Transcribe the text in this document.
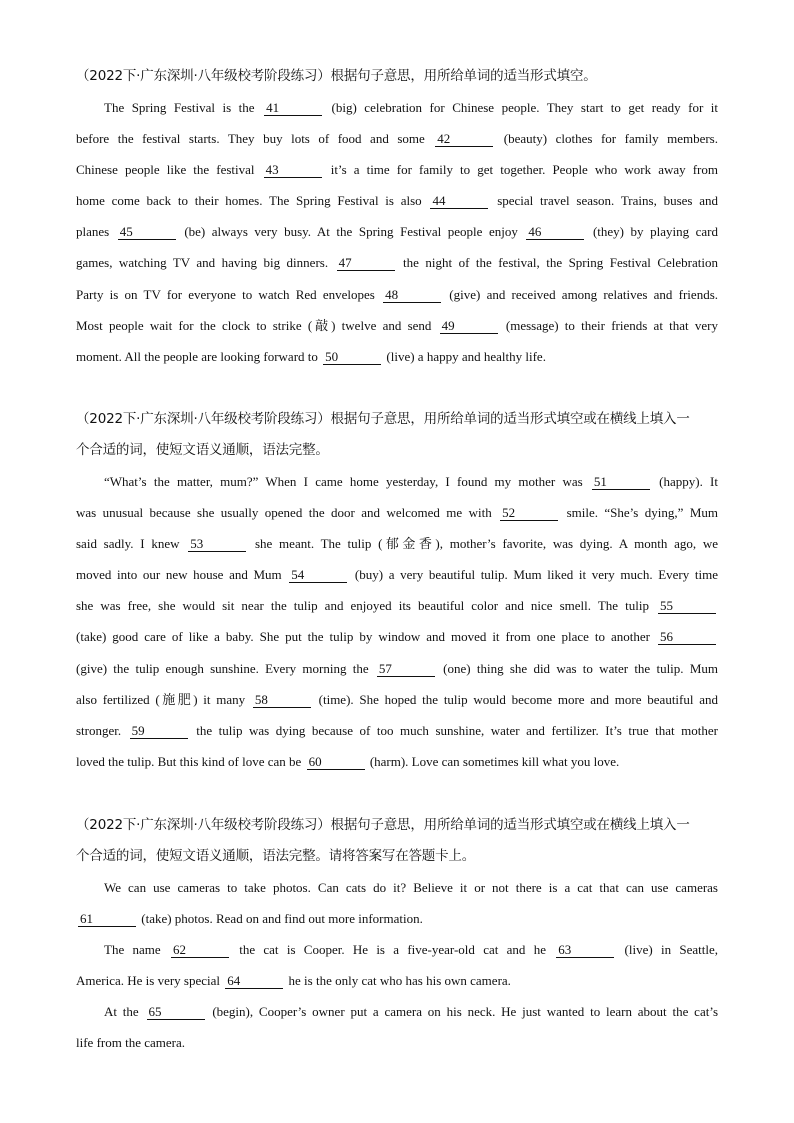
（2022下·广东深圳·八年级校考阶段练习）根据句子意思，用所给单词的适当形式填空。
The Spring Festival is the 41	(big) celebration for Chinese people. They start to get ready for it
before the festival starts. They buy lots of food and some 42	(beauty) clothes for family members.
Chinese people like the festival 43	it’s a time for family to get together. People who work away from
home come back to their homes. The Spring Festival is also 44	special travel season. Trains, buses and
planes 45	(be) always very busy. At the Spring Festival people enjoy 46	(they) by playing card
games, watching TV and having big dinners. 47	the night of the festival, the Spring Festival Celebration
Party is on TV for everyone to watch Red envelopes 48	(give) and received among relatives and friends.
Most people wait for the clock to strike (敲) twelve and send 49	(message) to their friends at that very
moment. All the people are looking forward to 50	(live) a happy and healthy life.
（2022下·广东深圳·八年级校考阶段练习）根据句子意思，用所给单词的适当形式填空或在横线上填入一
个合适的词，使短文语义通顺，语法完整。
“What’s the matter, mum?” When I came home yesterday, I found my mother was 51	(happy). It
was unusual because she usually opened the door and welcomed me with 52	smile. “She’s dying,” Mum
said sadly. I knew 53	she meant. The tulip (郁金香), mother’s favorite, was dying. A month ago, we
moved into our new house and Mum 54	(buy) a very beautiful tulip. Mum liked it very much. Every time
she was free, she would sit near the tulip and enjoyed its beautiful color and nice smell. The tulip 55
(take) good care of like a baby. She put the tulip by window and moved it from one place to another 56
(give) the tulip enough sunshine. Every morning the 57	(one) thing she did was to water the tulip. Mum
also fertilized (施肥) it many 58	(time). She hoped the tulip would become more and more beautiful and
stronger. 59	the tulip was dying because of too much sunshine, water and fertilizer. It’s true that mother
loved the tulip. But this kind of love can be 60	(harm). Love can sometimes kill what you love.
（2022下·广东深圳·八年级校考阶段练习）根据句子意思，用所给单词的适当形式填空或在横线上填入一
个合适的词，使短文语义通顺，语法完整。请将答案写在答题卡上。
We can use cameras to take photos. Can cats do it? Believe it or not there is a cat that can use cameras
61	(take) photos. Read on and find out more information.
The name 62	the cat is Cooper. He is a five-year-old cat and he 63	(live) in Seattle,
America. He is very special 64	he is the only cat who has his own camera.
At the 65	(begin), Cooper’s owner put a camera on his neck. He just wanted to learn about the cat’s
life from the camera.
